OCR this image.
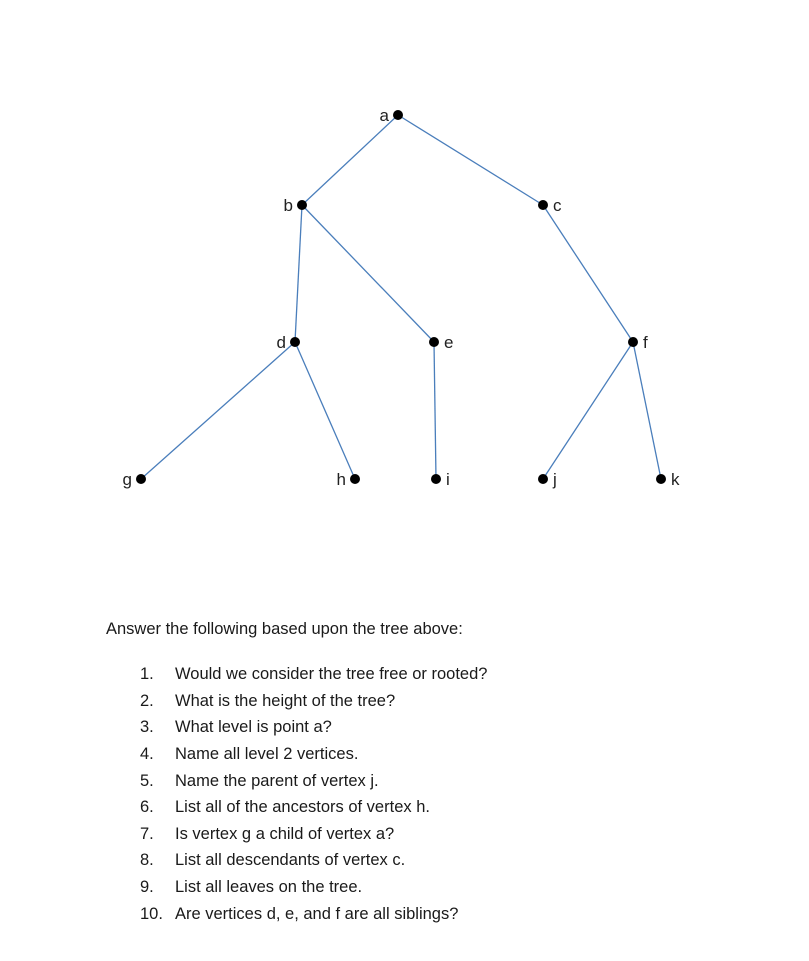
a
b	c
d	e	f
g	h	i	j	k

Answer the following based upon the tree above:

1. Would we consider the tree free or rooted?
2. What is the height of the tree?
3. What level is point a?
4. Name all level 2 vertices.
5. Name the parent of vertex j.
6. List all of the ancestors of vertex h.
7. Is vertex g a child of vertex a?
8. List all descendants of vertex c.
9. List all leaves on the tree.
10. Are vertices d, e, and f are all siblings?
